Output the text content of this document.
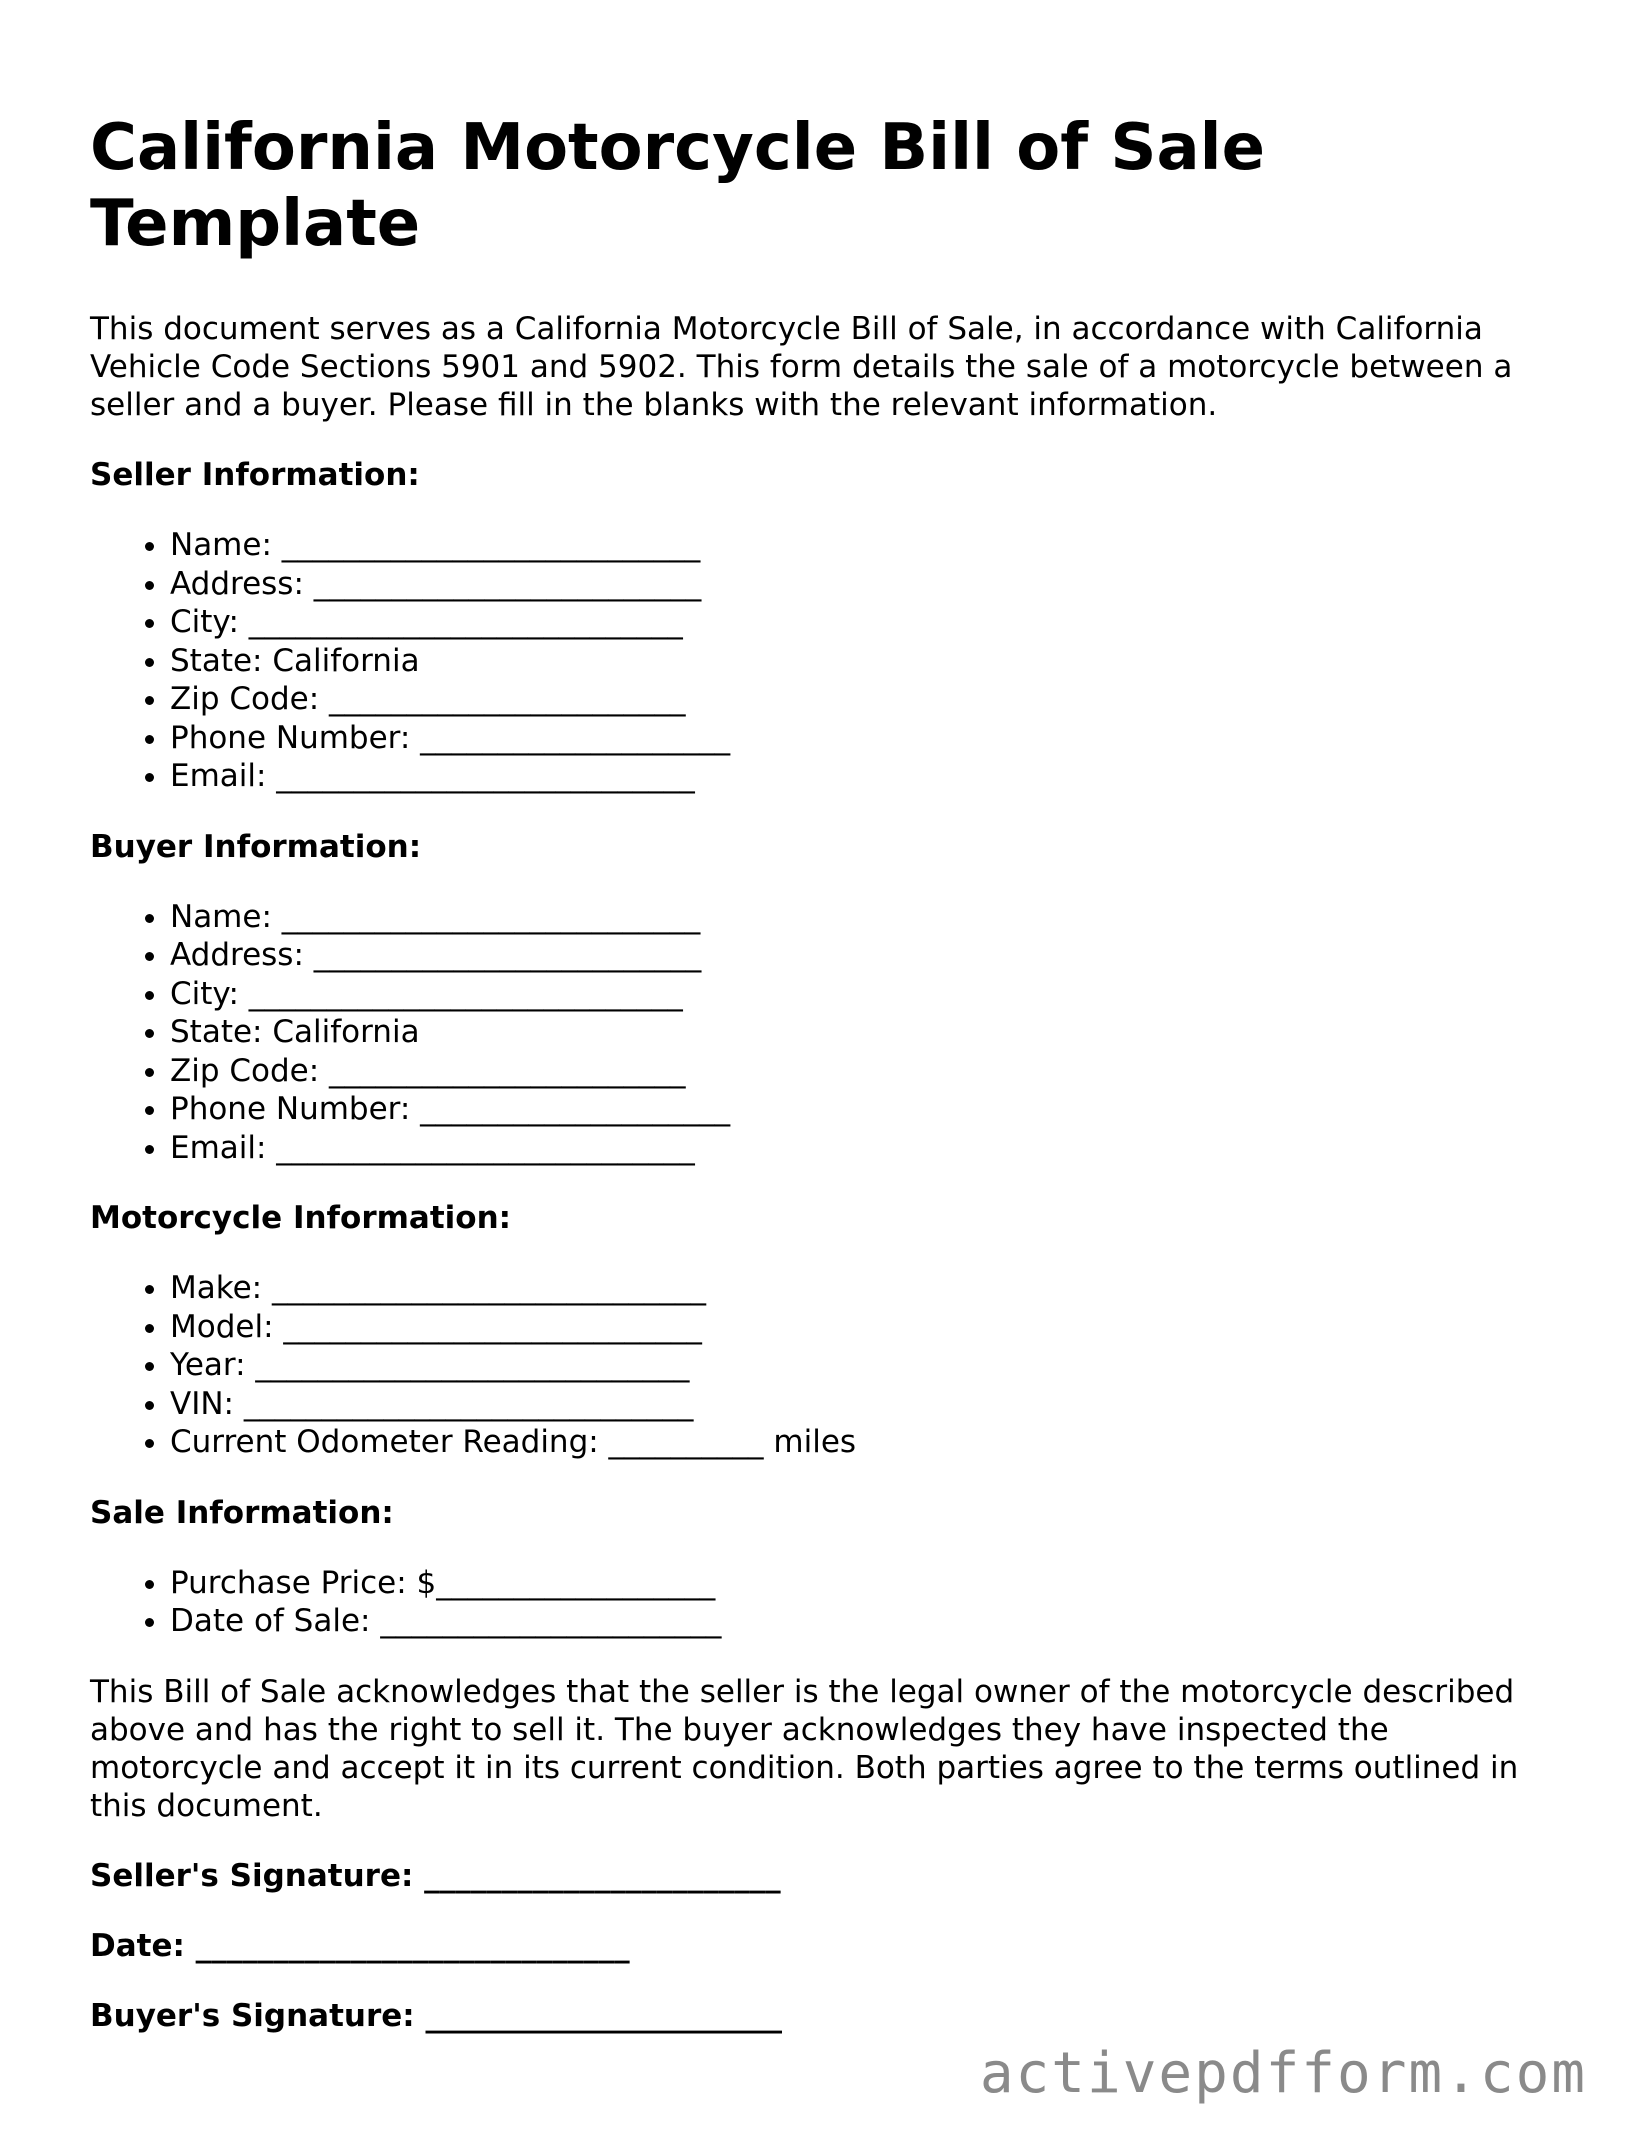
California Motorcycle Bill of Sale Template

This document serves as a California Motorcycle Bill of Sale, in accordance with California Vehicle Code Sections 5901 and 5902. This form details the sale of a motorcycle between a seller and a buyer. Please fill in the blanks with the relevant information.

Seller Information:
• Name: ___________________________
• Address: _________________________
• City: ____________________________
• State: California
• Zip Code: _______________________
• Phone Number: ____________________
• Email: ___________________________
Buyer Information:
• Name: ___________________________
• Address: _________________________
• City: ____________________________
• State: California
• Zip Code: _______________________
• Phone Number: ____________________
• Email: ___________________________
Motorcycle Information:
• Make: ____________________________
• Model: ___________________________
• Year: ____________________________
• VIN: _____________________________
• Current Odometer Reading: __________ miles
Sale Information:
• Purchase Price: $__________________
• Date of Sale: ______________________

This Bill of Sale acknowledges that the seller is the legal owner of the motorcycle described above and has the right to sell it. The buyer acknowledges they have inspected the motorcycle and accept it in its current condition. Both parties agree to the terms outlined in this document.

Seller's Signature: _______________________
Date: ____________________________
Buyer's Signature: _______________________
activepdfform.com
